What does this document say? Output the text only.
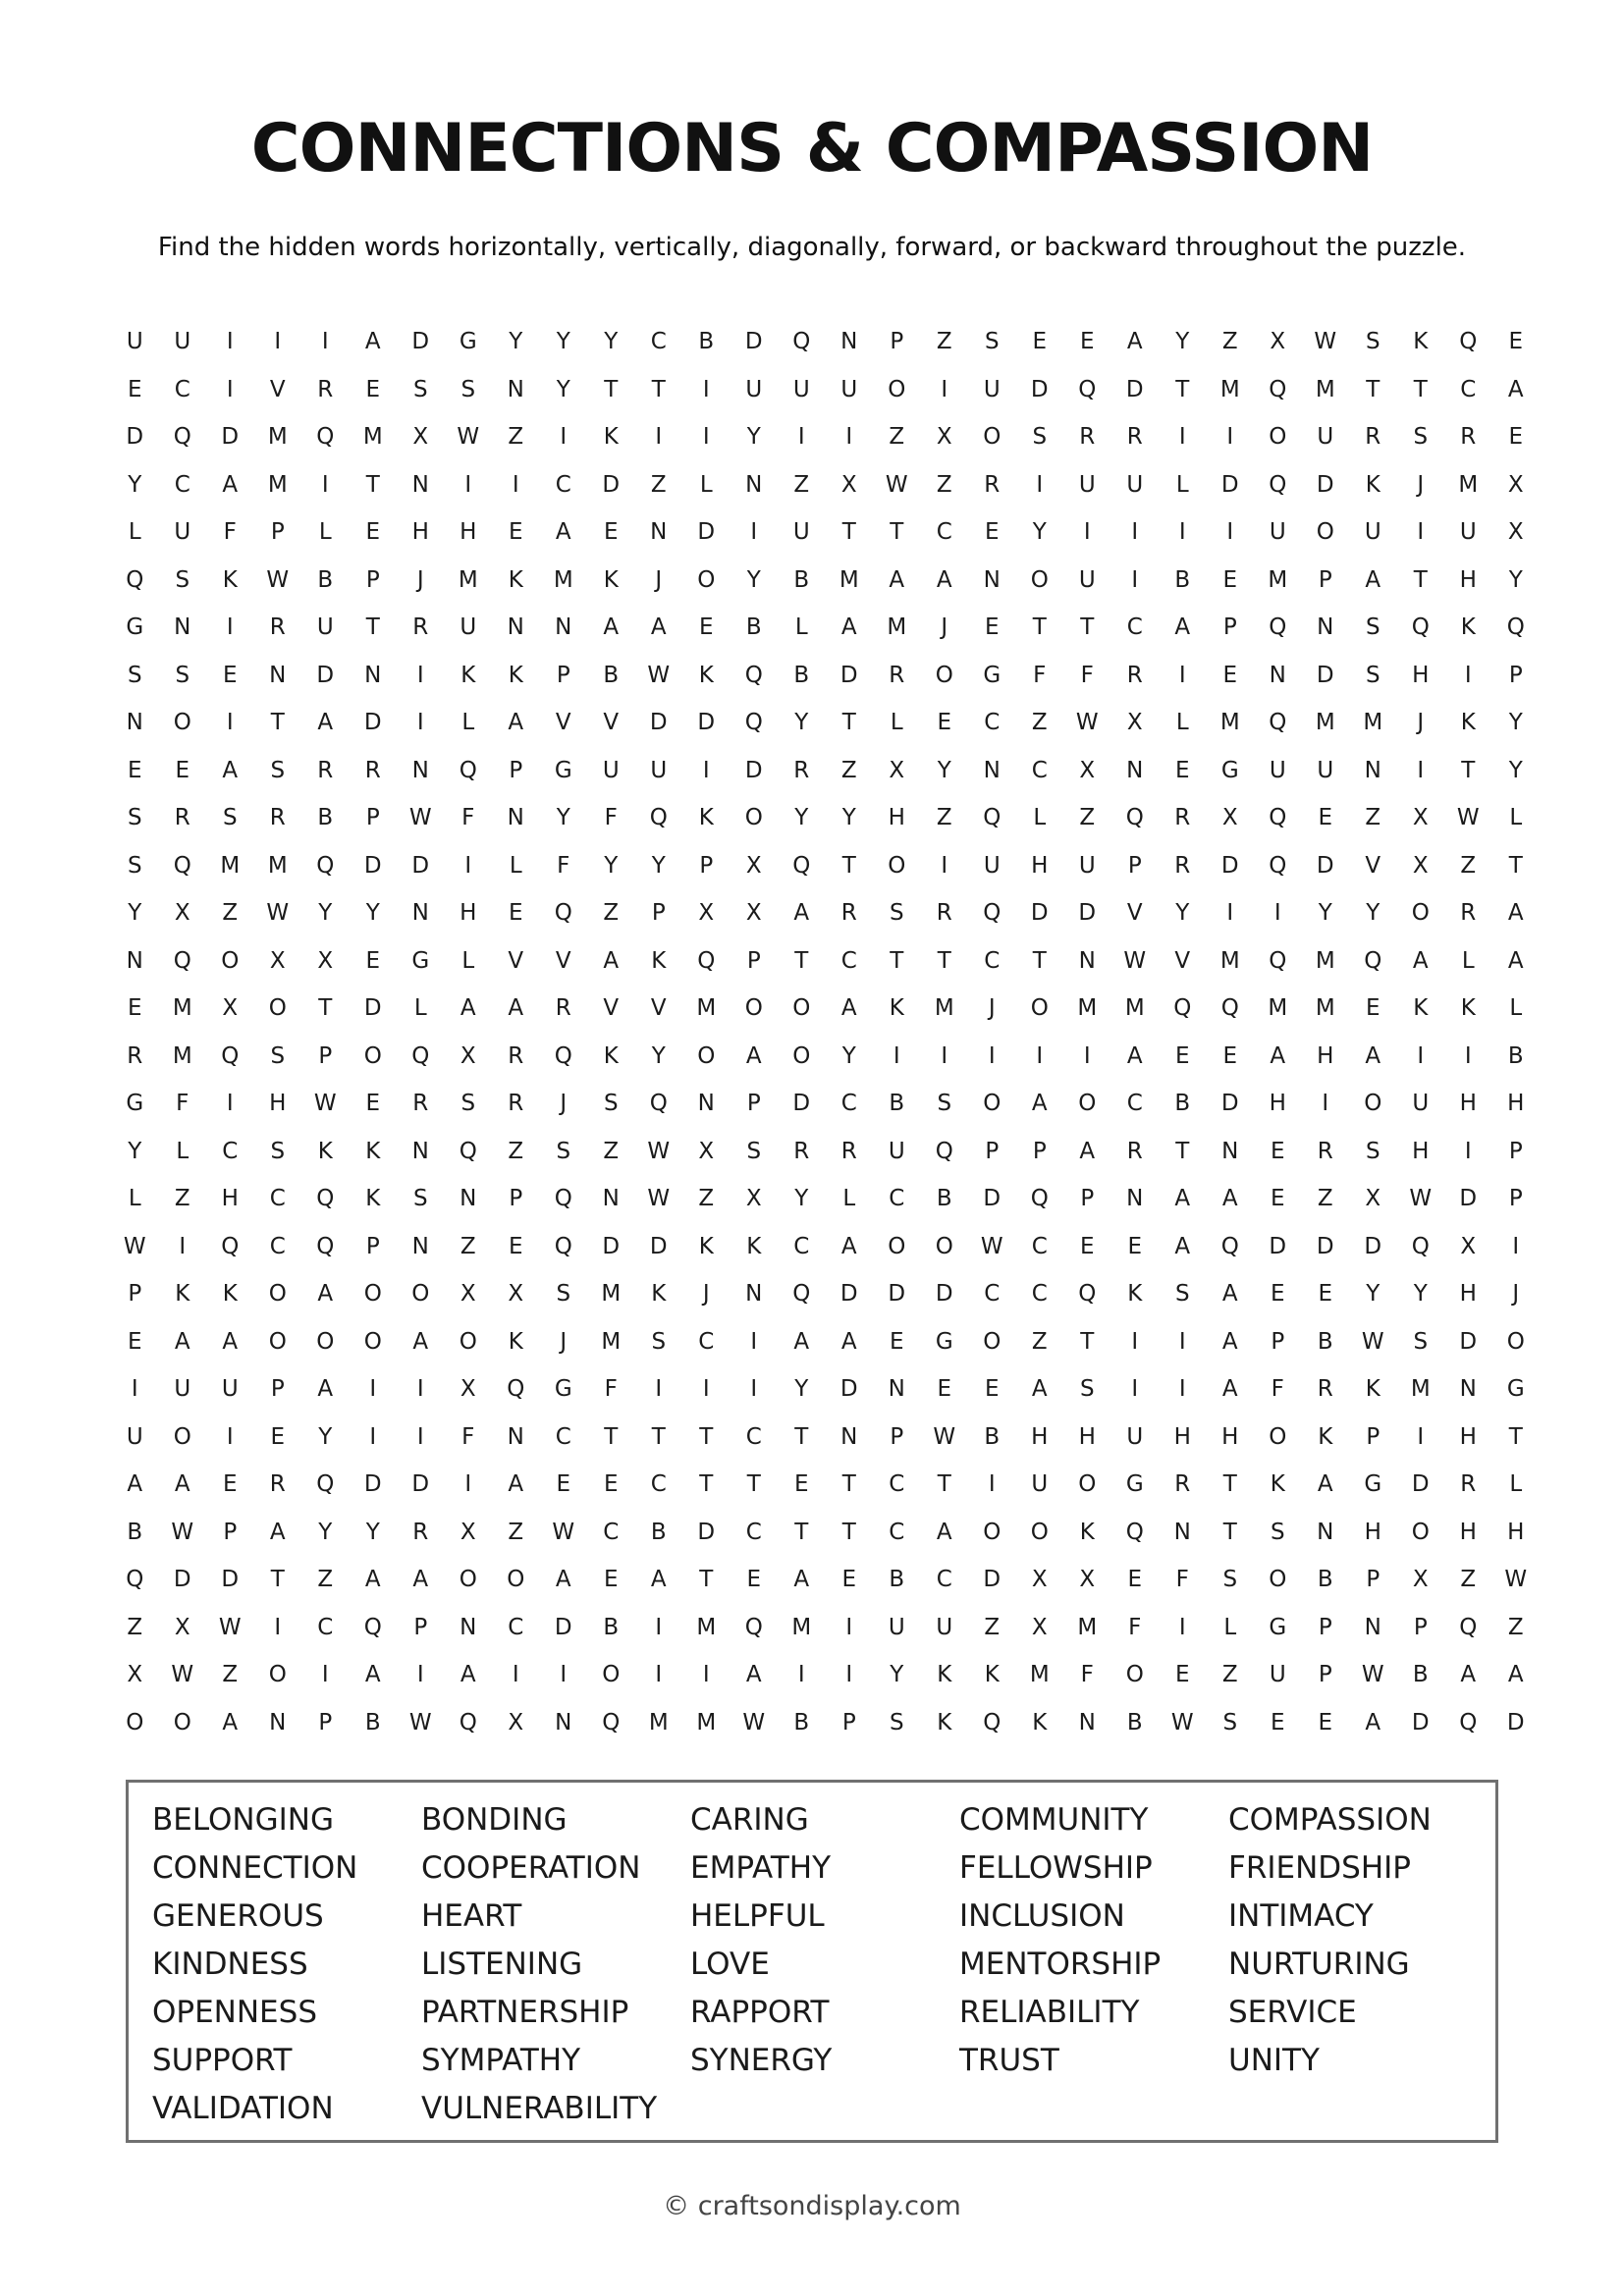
CONNECTIONS & COMPASSION

Find the hidden words horizontally, vertically, diagonally, forward, or backward throughout the puzzle.

U	U	I	I	I	A	D	G	Y	Y	Y	C	B	D	Q	N	P	Z	S	E	E	A	Y	Z	X	W	S	K	Q	E
E	C	I	V	R	E	S	S	N	Y	T	T	I	U	U	U	O	I	U	D	Q	D	T	M	Q	M	T	T	C	A
D	Q	D	M	Q	M	X	W	Z	I	K	I	I	Y	I	I	Z	X	O	S	R	R	I	I	O	U	R	S	R	E
Y	C	A	M	I	T	N	I	I	C	D	Z	L	N	Z	X	W	Z	R	I	U	U	L	D	Q	D	K	J	M	X
L	U	F	P	L	E	H	H	E	A	E	N	D	I	U	T	T	C	E	Y	I	I	I	I	U	O	U	I	U	X
Q	S	K	W	B	P	J	M	K	M	K	J	O	Y	B	M	A	A	N	O	U	I	B	E	M	P	A	T	H	Y
G	N	I	R	U	T	R	U	N	N	A	A	E	B	L	A	M	J	E	T	T	C	A	P	Q	N	S	Q	K	Q
S	S	E	N	D	N	I	K	K	P	B	W	K	Q	B	D	R	O	G	F	F	R	I	E	N	D	S	H	I	P
N	O	I	T	A	D	I	L	A	V	V	D	D	Q	Y	T	L	E	C	Z	W	X	L	M	Q	M	M	J	K	Y
E	E	A	S	R	R	N	Q	P	G	U	U	I	D	R	Z	X	Y	N	C	X	N	E	G	U	U	N	I	T	Y
S	R	S	R	B	P	W	F	N	Y	F	Q	K	O	Y	Y	H	Z	Q	L	Z	Q	R	X	Q	E	Z	X	W	L
S	Q	M	M	Q	D	D	I	L	F	Y	Y	P	X	Q	T	O	I	U	H	U	P	R	D	Q	D	V	X	Z	T
Y	X	Z	W	Y	Y	N	H	E	Q	Z	P	X	X	A	R	S	R	Q	D	D	V	Y	I	I	Y	Y	O	R	A
N	Q	O	X	X	E	G	L	V	V	A	K	Q	P	T	C	T	T	C	T	N	W	V	M	Q	M	Q	A	L	A
E	M	X	O	T	D	L	A	A	R	V	V	M	O	O	A	K	M	J	O	M	M	Q	Q	M	M	E	K	K	L
R	M	Q	S	P	O	Q	X	R	Q	K	Y	O	A	O	Y	I	I	I	I	I	A	E	E	A	H	A	I	I	B
G	F	I	H	W	E	R	S	R	J	S	Q	N	P	D	C	B	S	O	A	O	C	B	D	H	I	O	U	H	H
Y	L	C	S	K	K	N	Q	Z	S	Z	W	X	S	R	R	U	Q	P	P	A	R	T	N	E	R	S	H	I	P
L	Z	H	C	Q	K	S	N	P	Q	N	W	Z	X	Y	L	C	B	D	Q	P	N	A	A	E	Z	X	W	D	P
W	I	Q	C	Q	P	N	Z	E	Q	D	D	K	K	C	A	O	O	W	C	E	E	A	Q	D	D	D	Q	X	I
P	K	K	O	A	O	O	X	X	S	M	K	J	N	Q	D	D	D	C	C	Q	K	S	A	E	E	Y	Y	H	J
E	A	A	O	O	O	A	O	K	J	M	S	C	I	A	A	E	G	O	Z	T	I	I	A	P	B	W	S	D	O
I	U	U	P	A	I	I	X	Q	G	F	I	I	I	Y	D	N	E	E	A	S	I	I	A	F	R	K	M	N	G
U	O	I	E	Y	I	I	F	N	C	T	T	T	C	T	N	P	W	B	H	H	U	H	H	O	K	P	I	H	T
A	A	E	R	Q	D	D	I	A	E	E	C	T	T	E	T	C	T	I	U	O	G	R	T	K	A	G	D	R	L
B	W	P	A	Y	Y	R	X	Z	W	C	B	D	C	T	T	C	A	O	O	K	Q	N	T	S	N	H	O	H	H
Q	D	D	T	Z	A	A	O	O	A	E	A	T	E	A	E	B	C	D	X	X	E	F	S	O	B	P	X	Z	W
Z	X	W	I	C	Q	P	N	C	D	B	I	M	Q	M	I	U	U	Z	X	M	F	I	L	G	P	N	P	Q	Z
X	W	Z	O	I	A	I	A	I	I	O	I	I	A	I	I	Y	K	K	M	F	O	E	Z	U	P	W	B	A	A
O	O	A	N	P	B	W	Q	X	N	Q	M	M	W	B	P	S	K	Q	K	N	B	W	S	E	E	A	D	Q	D
BELONGING	BONDING	CARING	COMMUNITY	COMPASSION
CONNECTION	COOPERATION	EMPATHY	FELLOWSHIP	FRIENDSHIP
GENEROUS	HEART	HELPFUL	INCLUSION	INTIMACY
KINDNESS	LISTENING	LOVE	MENTORSHIP	NURTURING
OPENNESS	PARTNERSHIP	RAPPORT	RELIABILITY	SERVICE
SUPPORT	SYMPATHY	SYNERGY	TRUST	UNITY
VALIDATION	VULNERABILITY

© craftsondisplay.com
